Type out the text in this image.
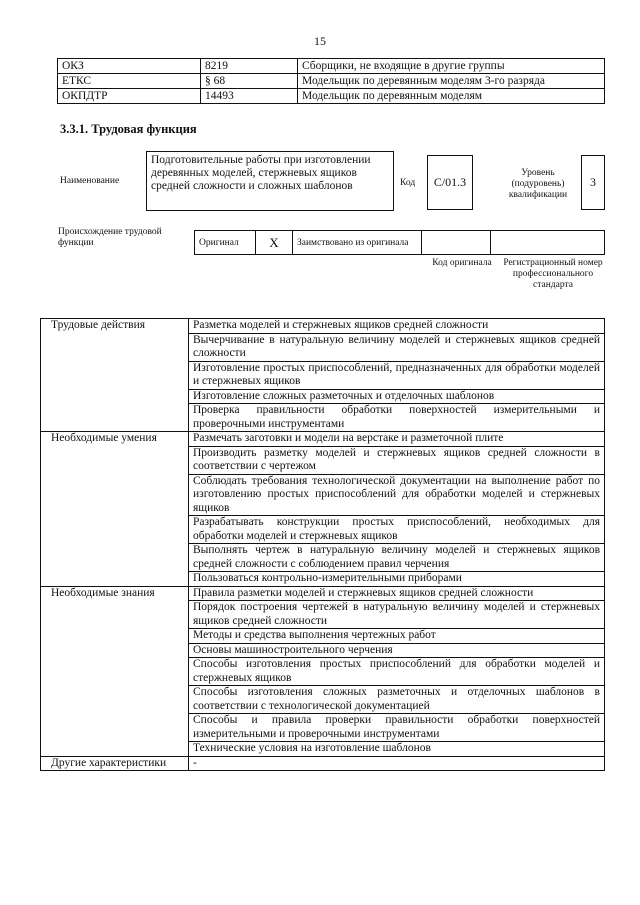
15
ОКЗ	8219	Сборщики, не входящие в другие группы
ЕТКС	§ 68	Модельщик по деревянным моделям 3-го разряда
ОКПДТР	14493	Модельщик по деревянным моделям
3.3.1. Трудовая функция
Наименование
Подготовительные работы при изготовлении деревянных моделей, стержневых ящиков средней сложности и сложных шаблонов	Код	C/01.3
Уровень (подуровень) квалификации
3
Происхождение трудовой функции	Оригинал	X	Заимствовано из оригинала		
Код оригинала	Регистрационный номер профессионального стандарта
Трудовые действия	Разметка моделей и стержневых ящиков средней сложности
	Вычерчивание в натуральную величину моделей и стержневых ящиков средней сложности
	Изготовление простых приспособлений, предназначенных для обработки моделей и стержневых ящиков
	Изготовление сложных разметочных и отделочных шаблонов
	Проверка правильности обработки поверхностей измерительными и проверочными инструментами
Необходимые умения	Размечать заготовки и модели на верстаке и разметочной плите
	Производить разметку моделей и стержневых ящиков средней сложности в соответствии с чертежом
	Соблюдать требования технологической документации на выполнение работ по изготовлению простых приспособлений для обработки моделей и стержневых ящиков
	Разрабатывать конструкции простых приспособлений, необходимых для обработки моделей и стержневых ящиков
	Выполнять чертеж в натуральную величину моделей и стержневых ящиков средней сложности с соблюдением правил черчения
	Пользоваться контрольно-измерительными приборами
Необходимые знания	Правила разметки моделей и стержневых ящиков средней сложности
	Порядок построения чертежей в натуральную величину моделей и стержневых ящиков средней сложности
	Методы и средства выполнения чертежных работ
	Основы машиностроительного черчения
	Способы изготовления простых приспособлений для обработки моделей и стержневых ящиков
	Способы изготовления сложных разметочных и отделочных шаблонов в соответствии с технологической документацией
	Способы и правила проверки правильности обработки поверхностей измерительными и проверочными инструментами
	Технические условия на изготовление шаблонов
Другие характеристики	-
